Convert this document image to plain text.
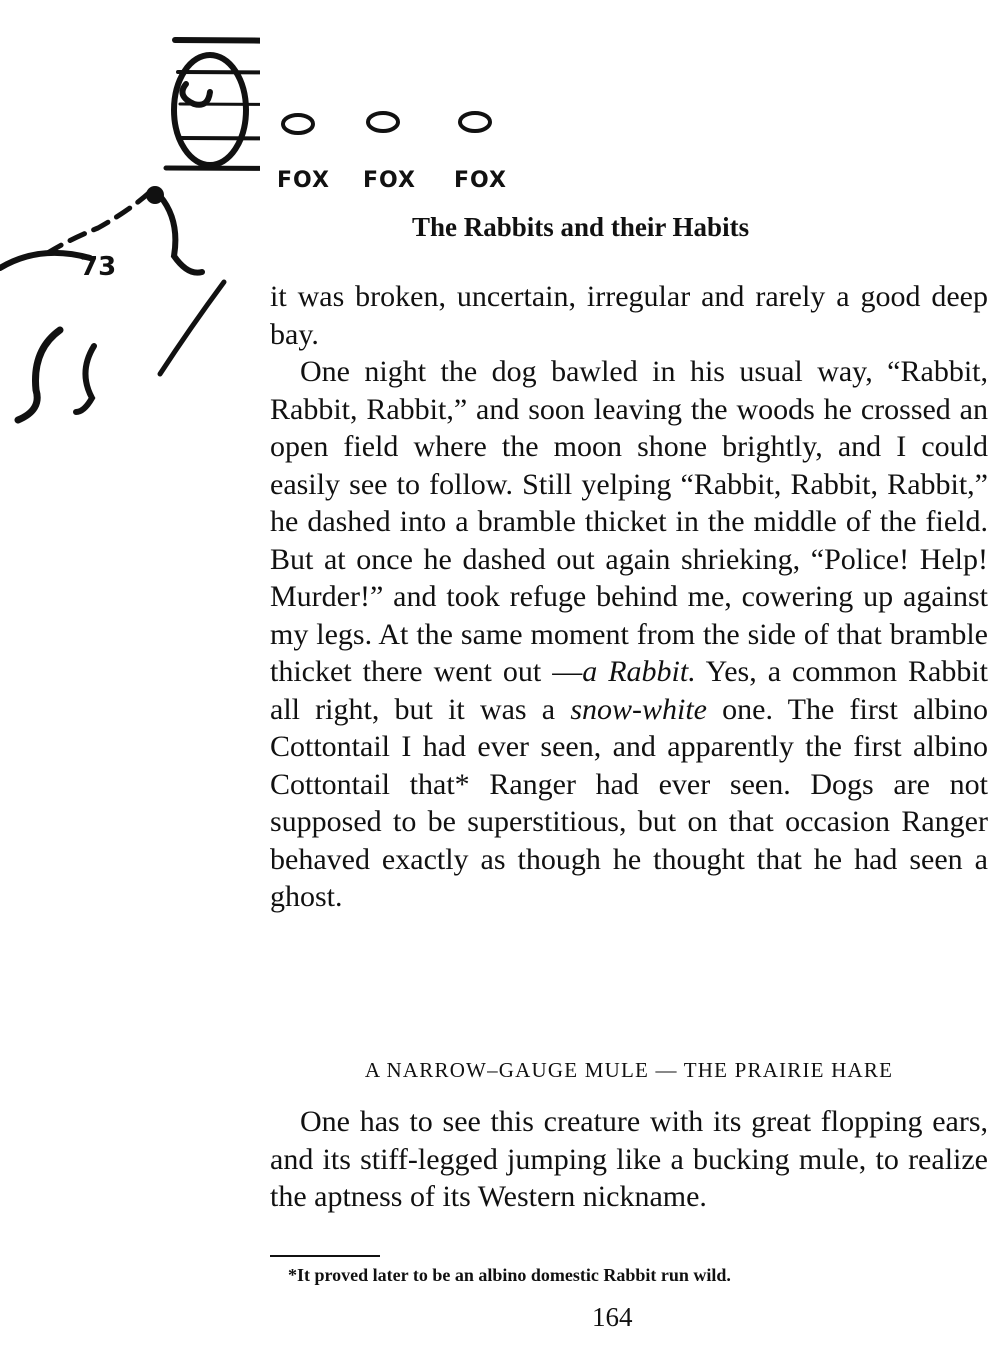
FOX FOX FOX
73
The Rabbits and their Habits

it was broken, uncertain, irregular and rarely a good deep bay.

One night the dog bawled in his usual way, “Rabbit, Rabbit, Rabbit,” and soon leaving the woods he crossed an open field where the moon shone brightly, and I could easily see to follow. Still yelping “Rabbit, Rabbit, Rabbit,” he dashed into a bramble thicket in the middle of the field. But at once he dashed out again shrieking, “Police! Help! Murder!” and took refuge behind me, cowering up against my legs. At the same moment from the side of that bramble thicket there went out —a Rabbit. Yes, a common Rabbit all right, but it was a snow-white one. The first albino Cottontail I had ever seen, and apparently the first albino Cottontail that* Ranger had ever seen. Dogs are not supposed to be superstitious, but on that occasion Ranger behaved exactly as though he thought that he had seen a ghost.

A NARROW–GAUGE MULE — THE PRAIRIE HARE

One has to see this creature with its great flopping ears, and its stiff-legged jumping like a bucking mule, to realize the aptness of its Western nickname.

*It proved later to be an albino domestic Rabbit run wild.
164
